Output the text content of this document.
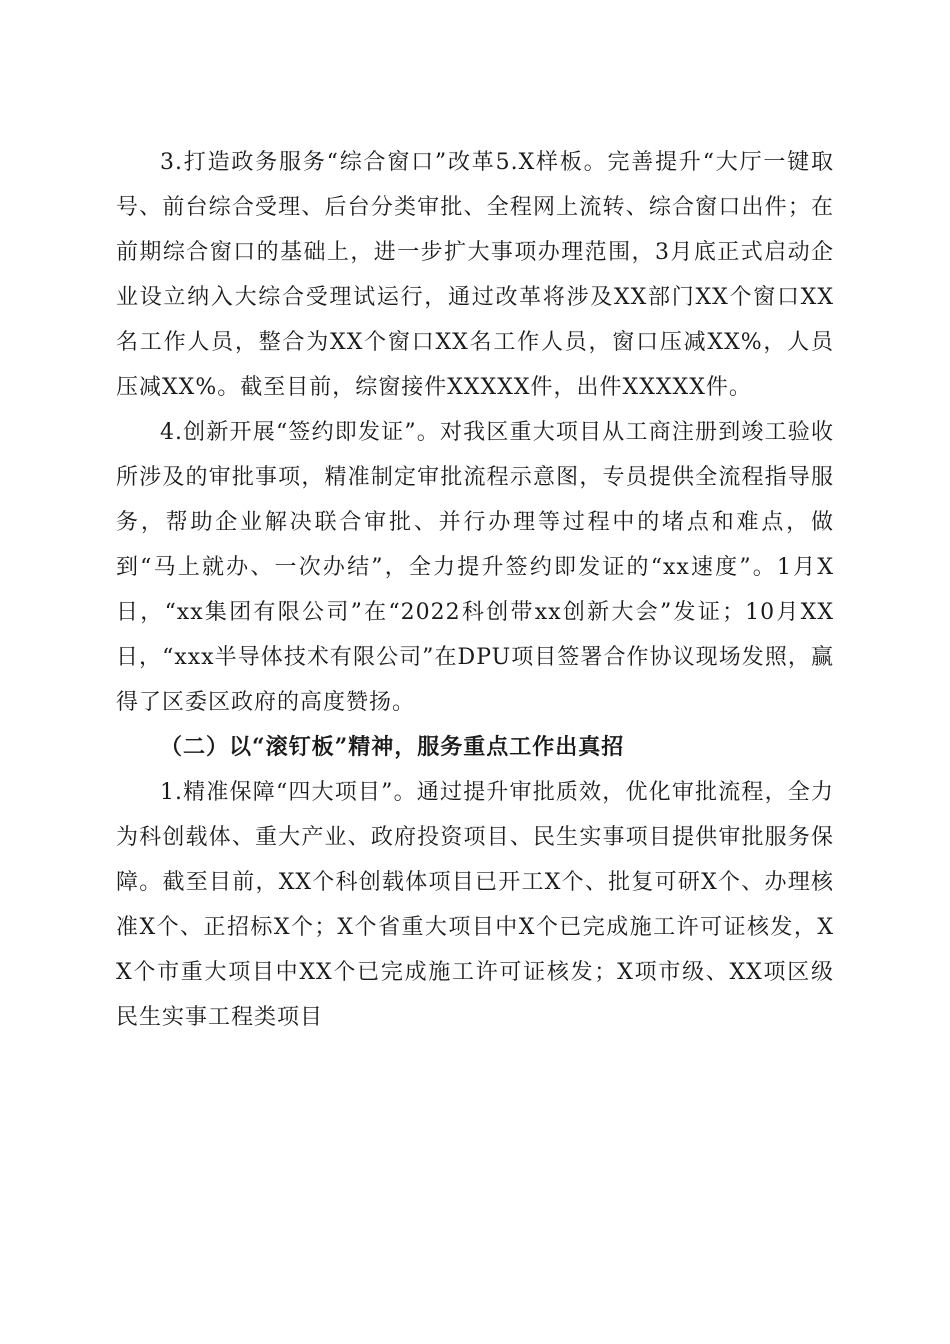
3.打造政务服务“综合窗口”改革5.X样板。完善提升“大厅一键取号、前台综合受理、后台分类审批、全程网上流转、综合窗口出件；在前期综合窗口的基础上，进一步扩大事项办理范围，3月底正式启动企业设立纳入大综合受理试运行，通过改革将涉及XX部门XX个窗口XX名工作人员，整合为XX个窗口XX名工作人员，窗口压减XX%，人员压减XX%。截至目前，综窗接件XXXXX件，出件XXXXX件。

4.创新开展“签约即发证”。对我区重大项目从工商注册到竣工验收所涉及的审批事项，精准制定审批流程示意图，专员提供全流程指导服务，帮助企业解决联合审批、并行办理等过程中的堵点和难点，做到“马上就办、一次办结”，全力提升签约即发证的“xx速度”。1月X日，“xx集团有限公司”在“2022科创带xx创新大会”发证；10月XX日，“xxx半导体技术有限公司”在DPU项目签署合作协议现场发照，赢得了区委区政府的高度赞扬。

（二）以“滚钉板”精神，服务重点工作出真招

1.精准保障“四大项目”。通过提升审批质效，优化审批流程，全力为科创载体、重大产业、政府投资项目、民生实事项目提供审批服务保障。截至目前，XX个科创载体项目已开工X个、批复可研X个、办理核准X个、正招标X个；X个省重大项目中X个已完成施工许可证核发，XX个市重大项目中XX个已完成施工许可证核发；X项市级、XX项区级民生实事工程类项目
